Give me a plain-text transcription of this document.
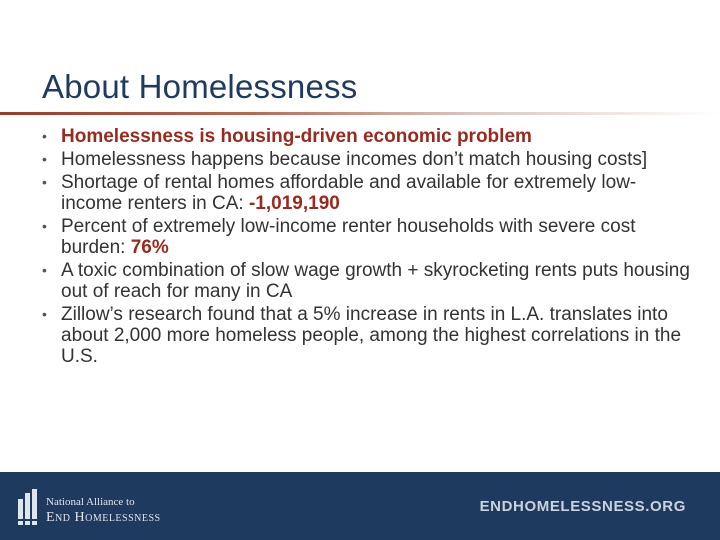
About Homelessness
• Homelessness is housing-driven economic problem
• Homelessness happens because incomes don’t match housing costs]
• Shortage of rental homes affordable and available for extremely low-income renters in CA: -1,019,190
• Percent of extremely low-income renter households with severe cost burden: 76%
• A toxic combination of slow wage growth + skyrocketing rents puts housing out of reach for many in CA
• Zillow’s research found that a 5% increase in rents in L.A. translates into about 2,000 more homeless people, among the highest correlations in the U.S.
National Alliance to
End Homelessness
ENDHOMELESSNESS.ORG
